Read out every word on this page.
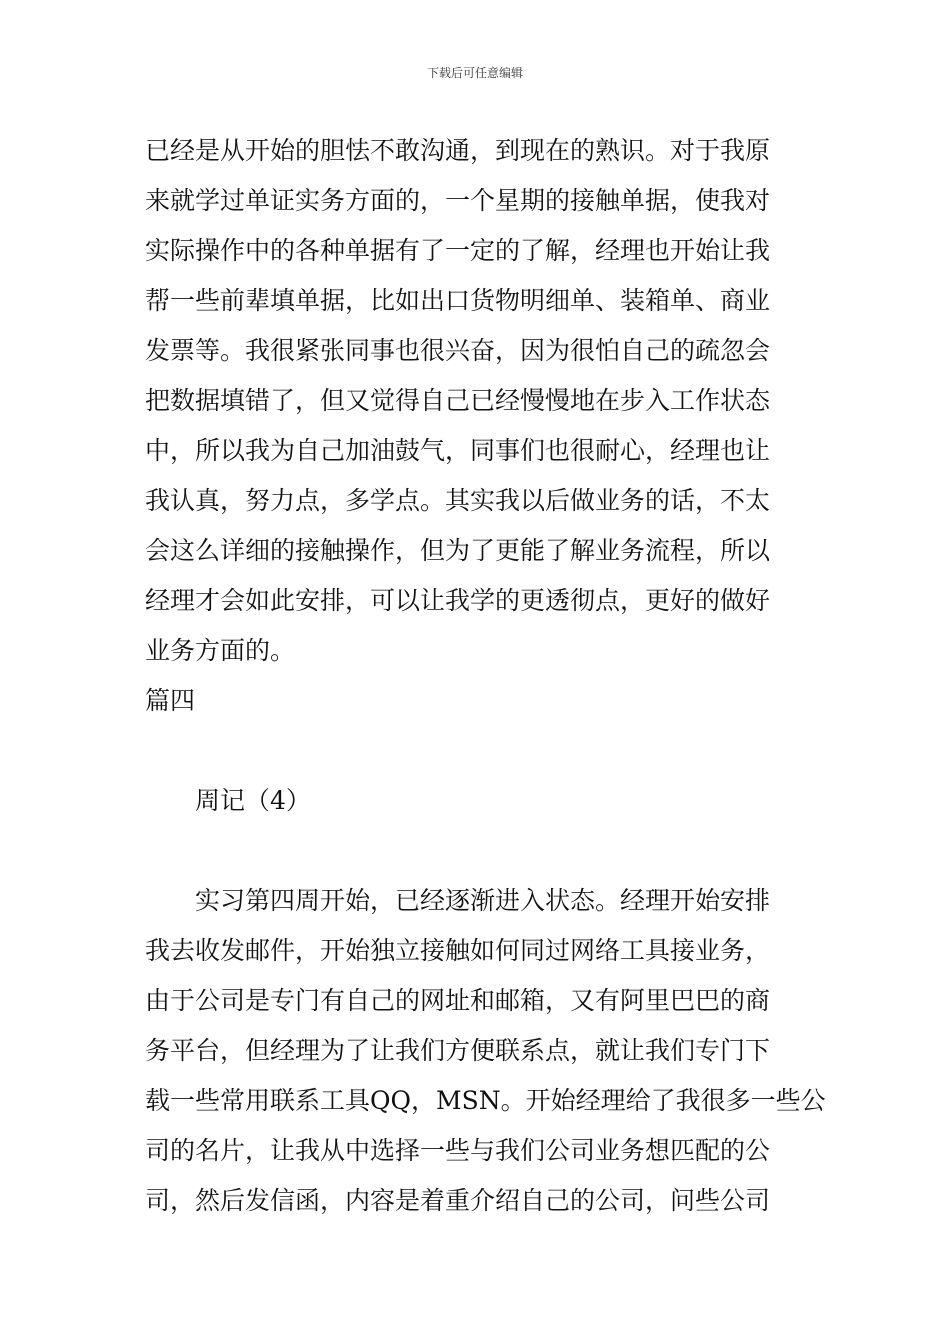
下载后可任意编辑
已经是从开始的胆怯不敢沟通，到现在的熟识。对于我原
来就学过单证实务方面的，一个星期的接触单据，使我对
实际操作中的各种单据有了一定的了解，经理也开始让我
帮一些前辈填单据，比如出口货物明细单、装箱单、商业
发票等。我很紧张同事也很兴奋，因为很怕自己的疏忽会
把数据填错了，但又觉得自己已经慢慢地在步入工作状态
中，所以我为自己加油鼓气，同事们也很耐心，经理也让
我认真，努力点，多学点。其实我以后做业务的话，不太
会这么详细的接触操作，但为了更能了解业务流程，所以
经理才会如此安排，可以让我学的更透彻点，更好的做好
业务方面的。
篇四
周记（4）
实习第四周开始，已经逐渐进入状态。经理开始安排
我去收发邮件，开始独立接触如何同过网络工具接业务，
由于公司是专门有自己的网址和邮箱，又有阿里巴巴的商
务平台，但经理为了让我们方便联系点，就让我们专门下
载一些常用联系工具QQ，MSN。开始经理给了我很多一些公
司的名片，让我从中选择一些与我们公司业务想匹配的公
司，然后发信函，内容是着重介绍自己的公司，问些公司
